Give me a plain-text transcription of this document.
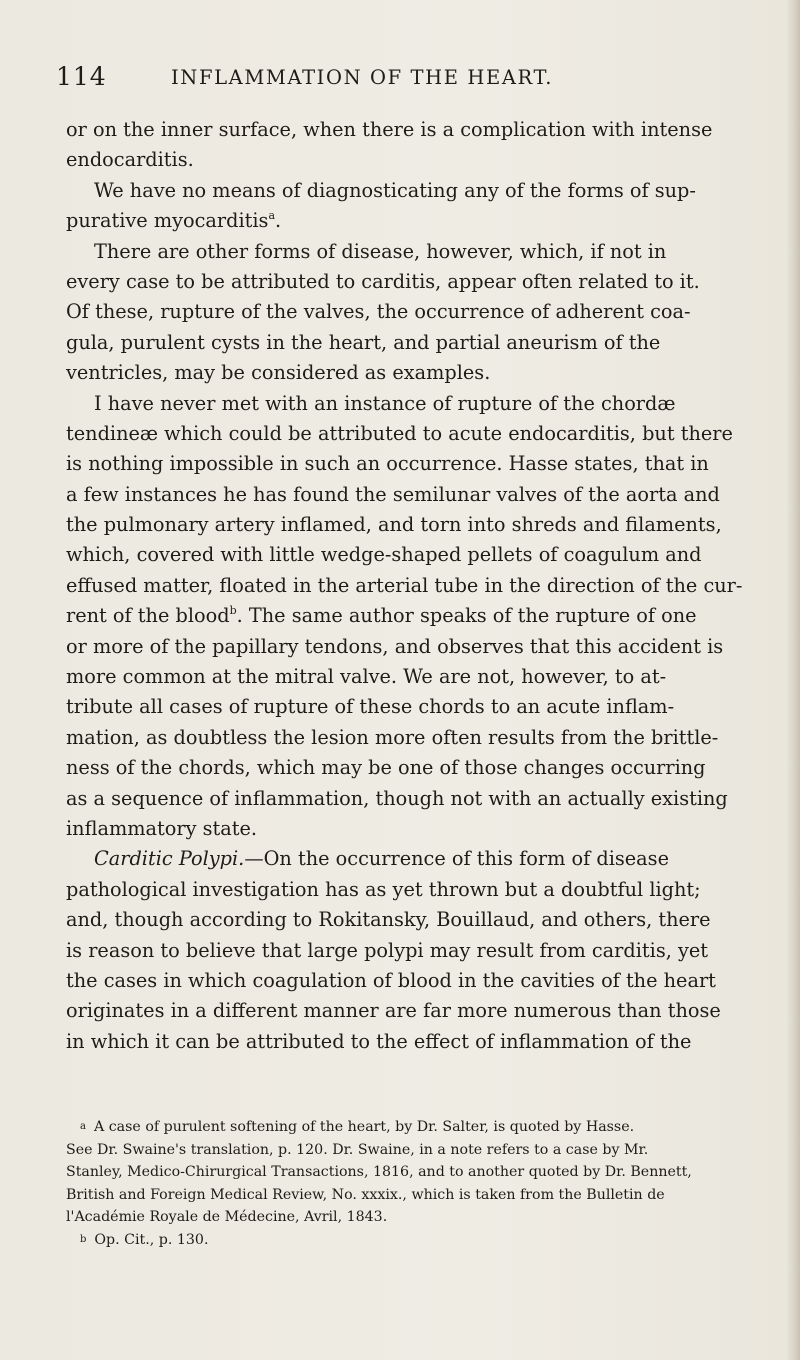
114	INFLAMMATION OF THE HEART.
or on the inner surface, when there is a complication with intense
endocarditis.
We have no means of diagnosticating any of the forms of sup-
purative myocarditis$^a$.
There are other forms of disease, however, which, if not in
every case to be attributed to carditis, appear often related to it.
Of these, rupture of the valves, the occurrence of adherent coa-
gula, purulent cysts in the heart, and partial aneurism of the
ventricles, may be considered as examples.
I have never met with an instance of rupture of the chordæ
tendineæ which could be attributed to acute endocarditis, but there
is nothing impossible in such an occurrence. Hasse states, that in
a few instances he has found the semilunar valves of the aorta and
the pulmonary artery inflamed, and torn into shreds and filaments,
which, covered with little wedge-shaped pellets of coagulum and
effused matter, floated in the arterial tube in the direction of the cur-
rent of the blood$^b$. The same author speaks of the rupture of one
or more of the papillary tendons, and observes that this accident is
more common at the mitral valve. We are not, however, to at-
tribute all cases of rupture of these chords to an acute inflam-
mation, as doubtless the lesion more often results from the brittle-
ness of the chords, which may be one of those changes occurring
as a sequence of inflammation, though not with an actually existing
inflammatory state.
Carditic Polypi.—On the occurrence of this form of disease
pathological investigation has as yet thrown but a doubtful light;
and, though according to Rokitansky, Bouillaud, and others, there
is reason to believe that large polypi may result from carditis, yet
the cases in which coagulation of blood in the cavities of the heart
originates in a different manner are far more numerous than those
in which it can be attributed to the effect of inflammation of the
a A case of purulent softening of the heart, by Dr. Salter, is quoted by Hasse.
See Dr. Swaine's translation, p. 120. Dr. Swaine, in a note refers to a case by Mr.
Stanley, Medico-Chirurgical Transactions, 1816, and to another quoted by Dr. Bennett,
British and Foreign Medical Review, No. xxxix., which is taken from the Bulletin de
l'Académie Royale de Médecine, Avril, 1843.
b Op. Cit., p. 130.
